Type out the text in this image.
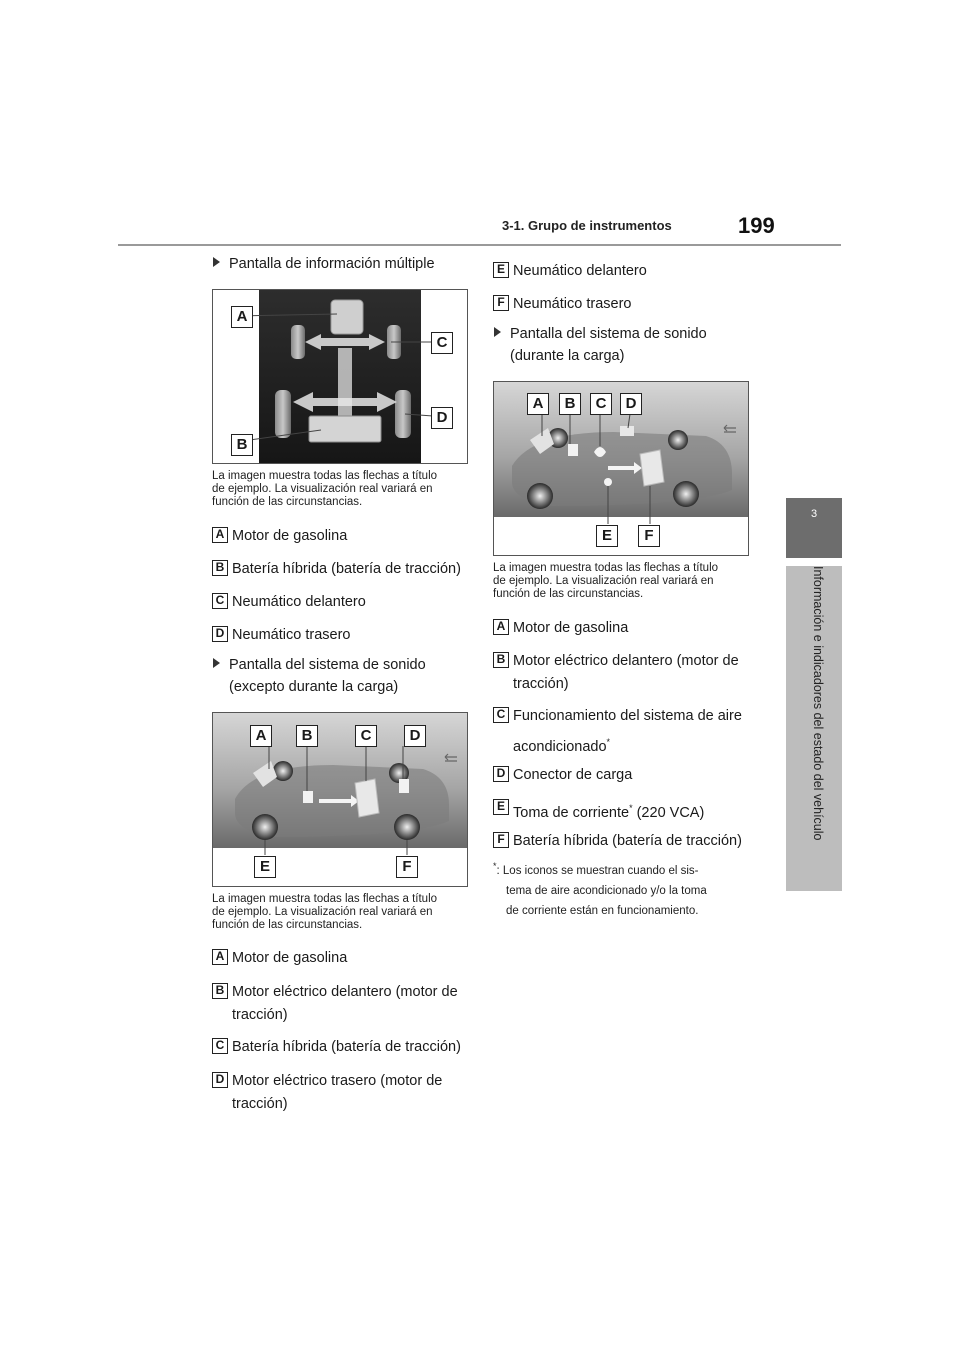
3-1. Grupo de instrumentos	199
3
Información e indicadores del estado del vehículo
Pantalla de información múltiple
A
B
C
D
La imagen muestra todas las flechas a título
de ejemplo. La visualización real variará en
función de las circunstancias.
A Motor de gasolina
B Batería híbrida (batería de tracción)
C Neumático delantero
D Neumático trasero
Pantalla del sistema de sonido
(excepto durante la carga)
A	B	C	D
E	F
La imagen muestra todas las flechas a título
de ejemplo. La visualización real variará en
función de las circunstancias.
A Motor de gasolina
B Motor eléctrico delantero (motor de
tracción)
C Batería híbrida (batería de tracción)
D Motor eléctrico trasero (motor de
tracción)
E Neumático delantero
F Neumático trasero
Pantalla del sistema de sonido
(durante la carga)
A	B	C	D
E	F
La imagen muestra todas las flechas a título
de ejemplo. La visualización real variará en
función de las circunstancias.
A Motor de gasolina
B Motor eléctrico delantero (motor de
tracción)
C Funcionamiento del sistema de aire
acondicionado*
D Conector de carga
E Toma de corriente* (220 VCA)
F Batería híbrida (batería de tracción)
*: Los iconos se muestran cuando el sis-
tema de aire acondicionado y/o la toma
de corriente están en funcionamiento.
